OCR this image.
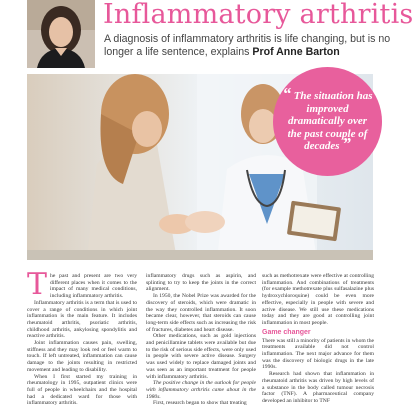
Inflammatory arthritis

A diagnosis of inflammatory arthritis is life changing, but is no longer a life sentence, explains Prof Anne Barton

“ The situation has improved dramatically over the past couple of decades ”

The past and present are two very different places when it comes to the impact of many medical conditions, including inflammatory arthritis.

Inflammatory arthritis is a term that is used to cover a range of conditions in which joint inflammation is the main feature. It includes rheumatoid arthritis, psoriatic arthritis, childhood arthritis, ankylosing spondylitis and reactive arthritis.

Joint inflammation causes pain, swelling, stiffness and they may look red or feel warm to touch. If left untreated, inflammation can cause damage to the joints resulting in restricted movement and leading to disability.

When I first started my training in rheumatology in 1995, outpatient clinics were full of people in wheelchairs and the hospital had a dedicated ward for those with inflammatory arthritis.

inflammatory drugs such as aspirin, and splinting to try to keep the joints in the correct alignment.

In 1950, the Nobel Prize was awarded for the discovery of steroids, which were dramatic in the way they controlled inflammation. It soon became clear, however, that steroids can cause long-term side effects such as increasing the risk of fractures, diabetes and heart disease.

Other medications, such as gold injections and penicillamine tablets were available but due to the risk of serious side effects, were only used in people with severe active disease. Surgery was used widely to replace damaged joints and was seen as an important treatment for people with inflammatory arthritis.

The positive change in the outlook for people with inflammatory arthritis came about in the 1980s.

First, research began to show that treating

such as methotrexate were effective at controlling inflammation. And combinations of treatments (for example methotrexate plus sulfasalazine plus hydroxychloroquine) could be even more effective, especially in people with severe and active disease. We still use these medications today and they are good at controlling joint inflammation in most people.

Game changer

There was still a minority of patients in whom the treatments available did not control inflammation. The next major advance for them was the discovery of biologic drugs in the late 1990s.

Research had shown that inflammation in rheumatoid arthritis was driven by high levels of a substance in the body called tumour necrosis factor (TNF). A pharmaceutical company developed an inhibitor to TNF
